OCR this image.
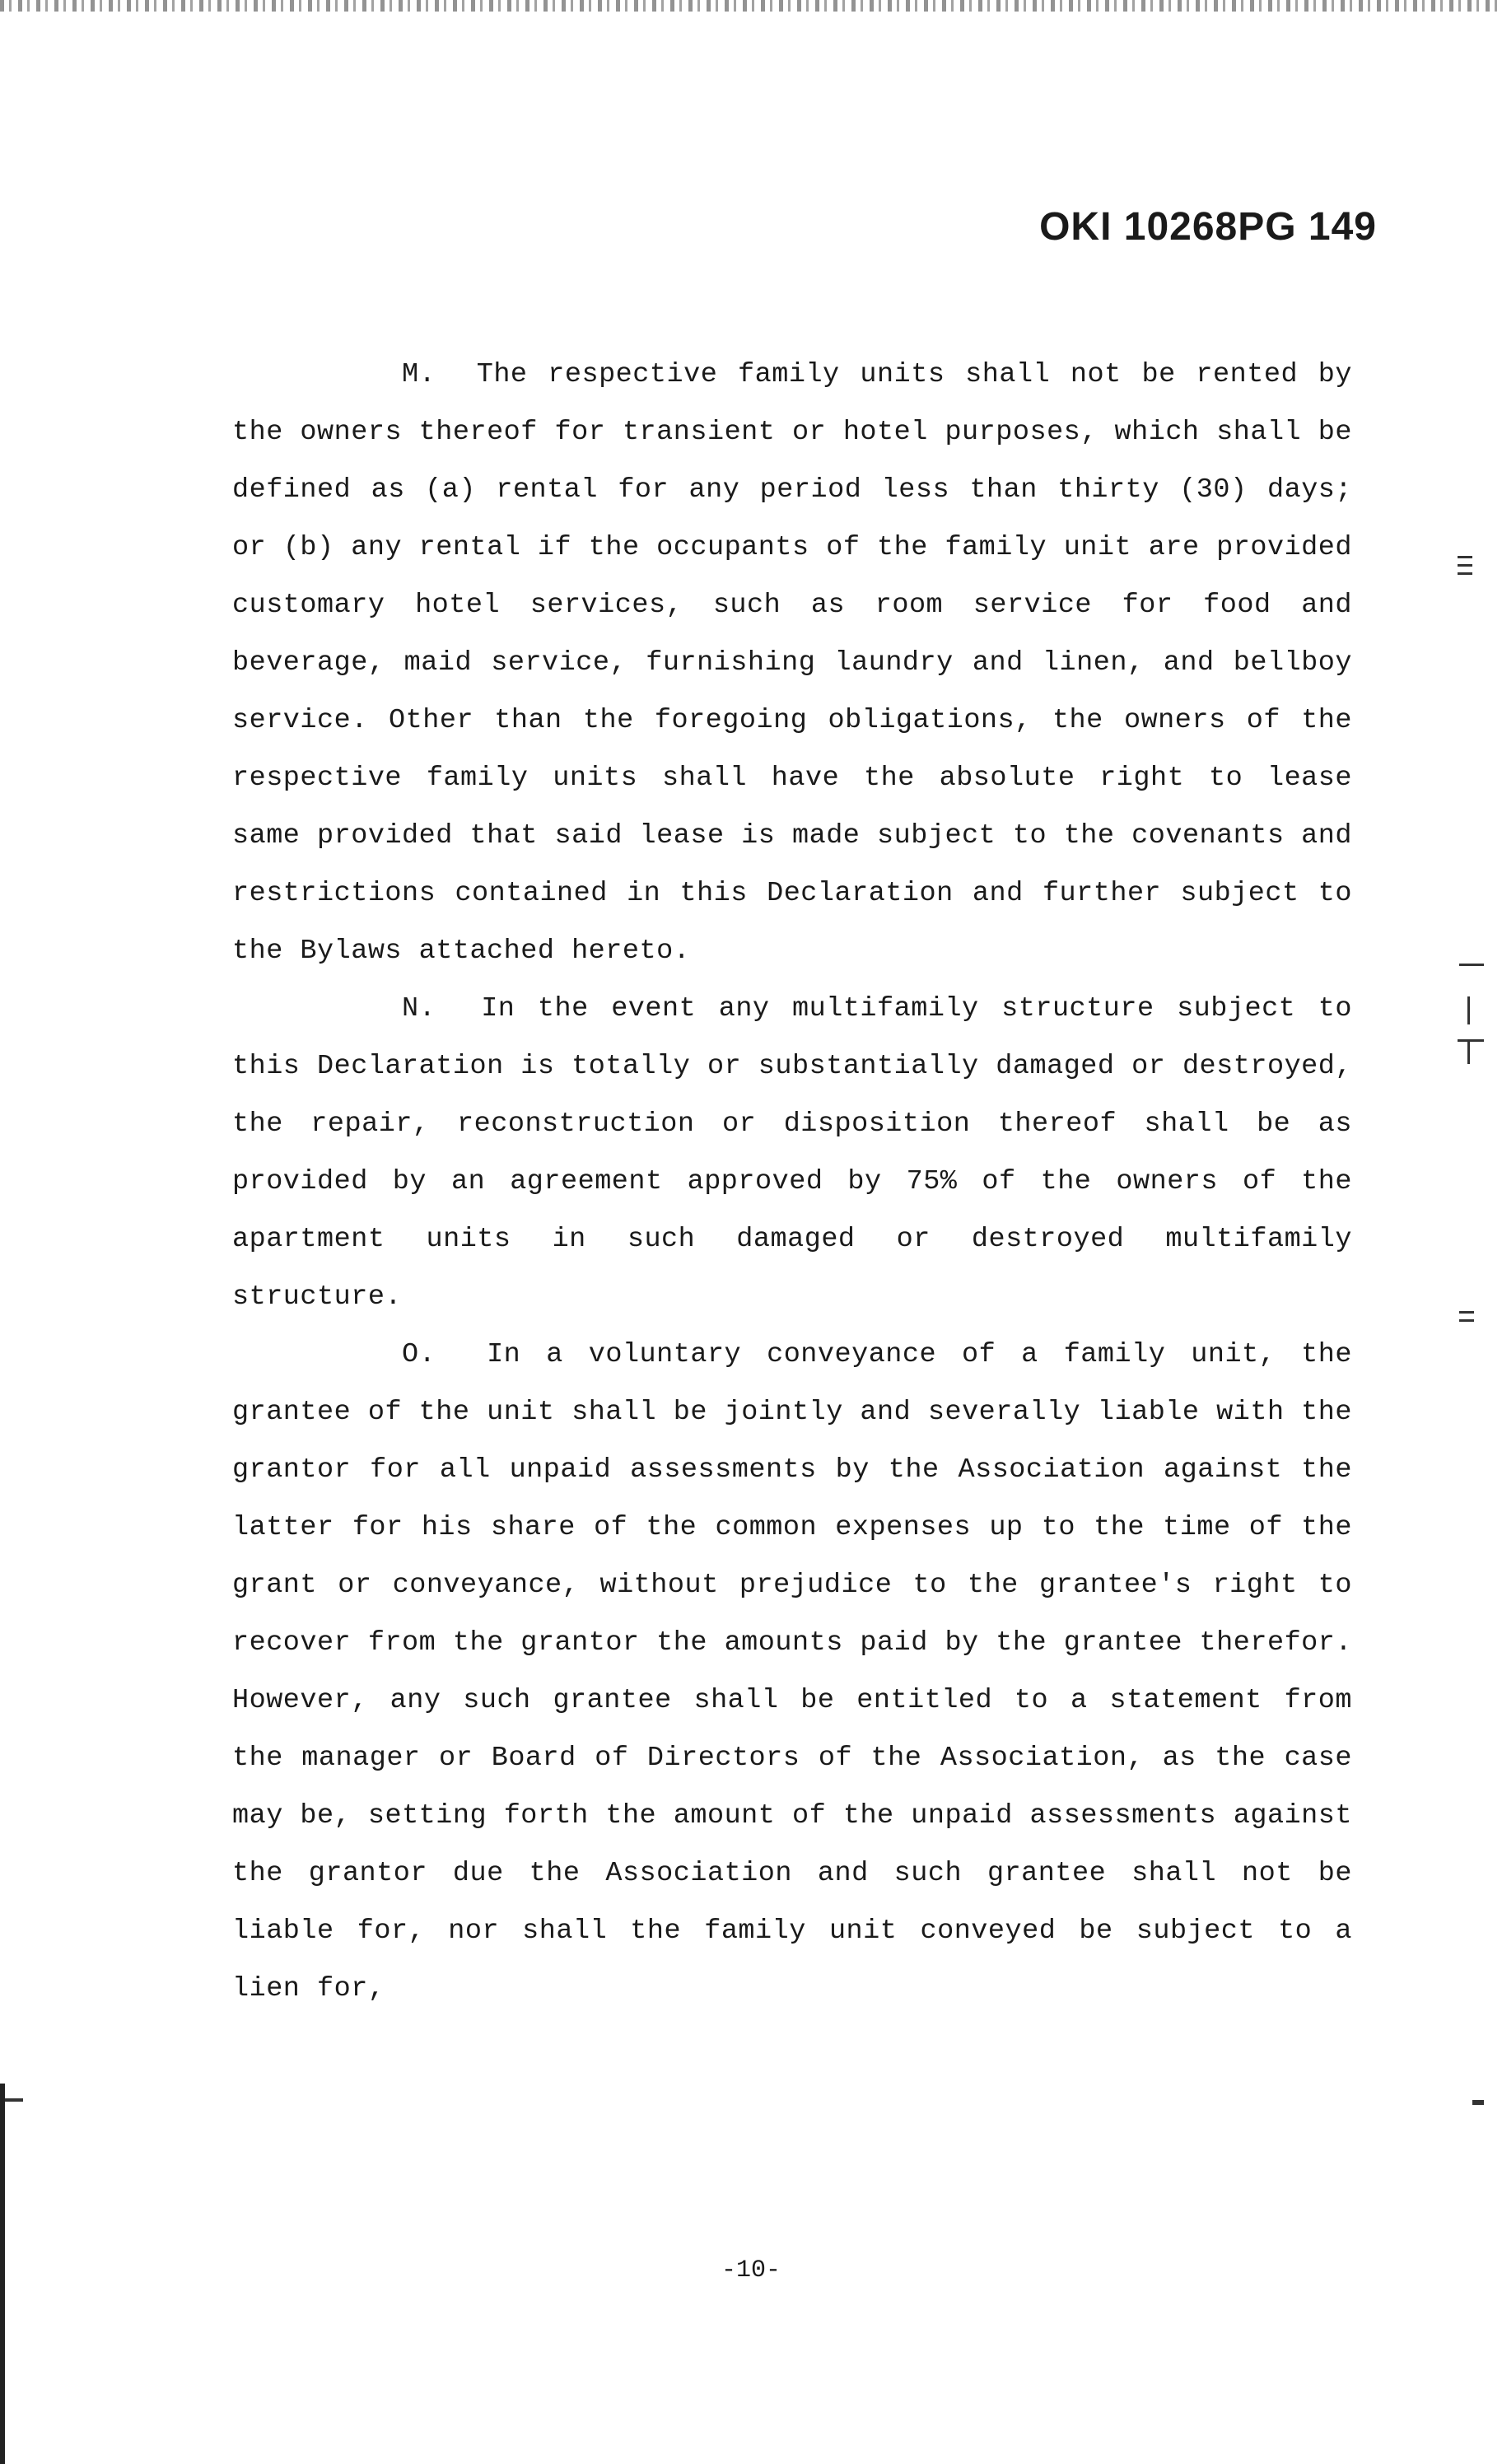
OKI 10268PG 149

M. The respective family units shall not be rented by the owners thereof for transient or hotel purposes, which shall be defined as (a) rental for any period less than thirty (30) days; or (b) any rental if the occupants of the family unit are provided customary hotel services, such as room service for food and beverage, maid service, furnishing laundry and linen, and bellboy service. Other than the foregoing obligations, the owners of the respective family units shall have the absolute right to lease same provided that said lease is made subject to the covenants and restrictions contained in this Declaration and further subject to the Bylaws attached hereto.

N. In the event any multifamily structure subject to this Declaration is totally or substantially damaged or destroyed, the repair, reconstruction or disposition thereof shall be as provided by an agreement approved by 75% of the owners of the apartment units in such damaged or destroyed multifamily structure.

O. In a voluntary conveyance of a family unit, the grantee of the unit shall be jointly and severally liable with the grantor for all unpaid assessments by the Association against the latter for his share of the common expenses up to the time of the grant or conveyance, without prejudice to the grantee's right to recover from the grantor the amounts paid by the grantee therefor. However, any such grantee shall be entitled to a statement from the manager or Board of Directors of the Association, as the case may be, setting forth the amount of the unpaid assessments against the grantor due the Association and such grantee shall not be liable for, nor shall the family unit conveyed be subject to a lien for,

-10-
